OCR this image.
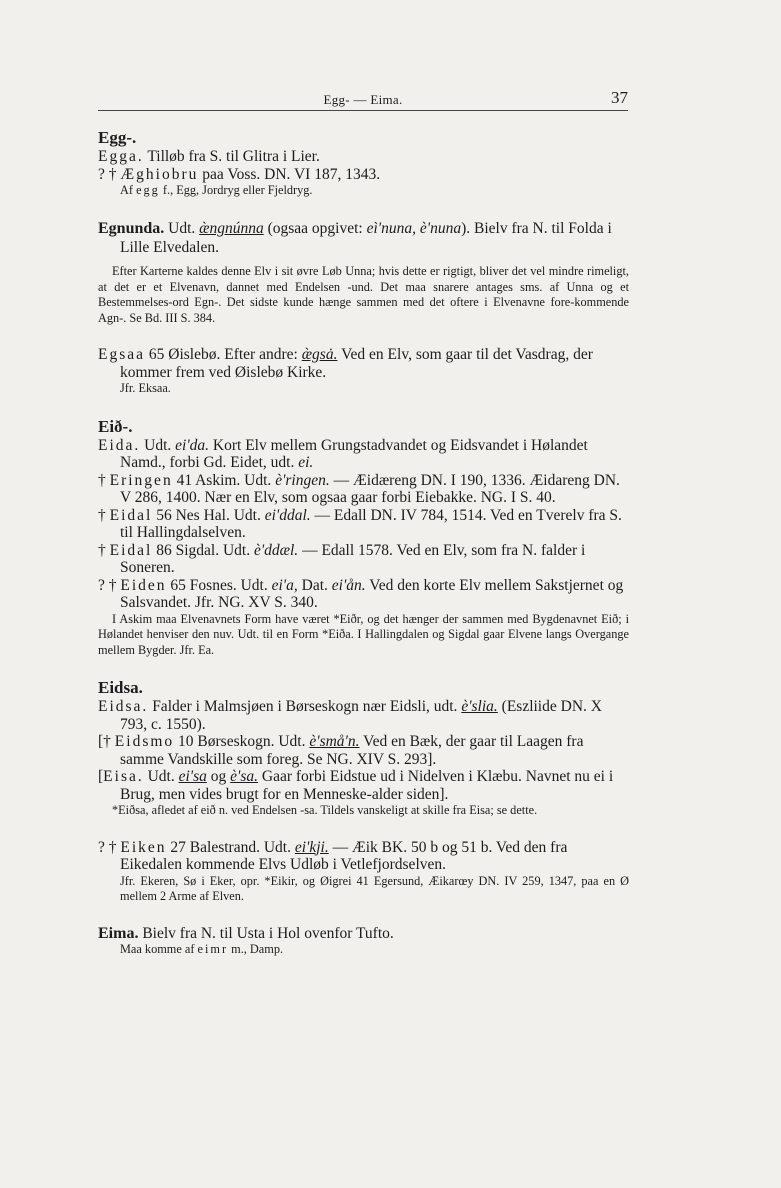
Egg- — Eima.	37

Egg-.

Egga. Tilløb fra S. til Glitra i Lier.

? † Æghiobru paa Voss. DN. VI 187, 1343.

Af egg f., Egg, Jordryg eller Fjeldryg.

Egnunda. Udt. æ̀ngnúnna (ogsaa opgivet: eì'nuna, è'nuna). Bielv fra N. til Folda i Lille Elvedalen.

Efter Karterne kaldes denne Elv i sit øvre Løb Unna; hvis dette er rigtigt, bliver det vel mindre rimeligt, at det er et Elvenavn, dannet med Endelsen -und. Det maa snarere antages sms. af Unna og et Bestemmelses-ord Egn-. Det sidste kunde hænge sammen med det oftere i Elvenavne fore-kommende Agn-. Se Bd. III S. 384.

Egsaa 65 Øislebø. Efter andre: æ̀gsȧ. Ved en Elv, som gaar til det Vasdrag, der kommer frem ved Øislebø Kirke.

Jfr. Eksaa.

Eið-.

Eida. Udt. ei'da. Kort Elv mellem Grungstadvandet og Eidsvandet i Hølandet Namd., forbi Gd. Eidet, udt. ei.

† Eringen 41 Askim. Udt. è'ringen. — Æidæreng DN. I 190, 1336. Æidareng DN. V 286, 1400. Nær en Elv, som ogsaa gaar forbi Eiebakke. NG. I S. 40.

† Eidal 56 Nes Hal. Udt. ei'ddal. — Edall DN. IV 784, 1514. Ved en Tverelv fra S. til Hallingdalselven.

† Eidal 86 Sigdal. Udt. è'ddæl. — Edall 1578. Ved en Elv, som fra N. falder i Soneren.

? † Eiden 65 Fosnes. Udt. ei'a, Dat. ei'ån. Ved den korte Elv mellem Sakstjernet og Salsvandet. Jfr. NG. XV S. 340.

I Askim maa Elvenavnets Form have været *Eiðr, og det hænger der sammen med Bygdenavnet Eið; i Hølandet henviser den nuv. Udt. til en Form *Eiða. I Hallingdalen og Sigdal gaar Elvene langs Overgange mellem Bygder. Jfr. Ea.

Eidsa.

Eidsa. Falder i Malmsjøen i Børseskogn nær Eidsli, udt. è'slia. (Eszliide DN. X 793, c. 1550).

[† Eidsmo 10 Børseskogn. Udt. è'små'n. Ved en Bæk, der gaar til Laagen fra samme Vandskille som foreg. Se NG. XIV S. 293].

[Eisa. Udt. ei'sa og è'sa. Gaar forbi Eidstue ud i Nidelven i Klæbu. Navnet nu ei i Brug, men vides brugt for en Menneske-alder siden].

*Eiðsa, afledet af eið n. ved Endelsen -sa. Tildels vanskeligt at skille fra Eisa; se dette.

? † Eiken 27 Balestrand. Udt. ei'kji. — Æik BK. 50 b og 51 b. Ved den fra Eikedalen kommende Elvs Udløb i Vetlefjordselven.

Jfr. Ekeren, Sø i Eker, opr. *Eikir, og Øigrei 41 Egersund, Æikarœy DN. IV 259, 1347, paa en Ø mellem 2 Arme af Elven.

Eima. Bielv fra N. til Usta i Hol ovenfor Tufto.

Maa komme af eimr m., Damp.
